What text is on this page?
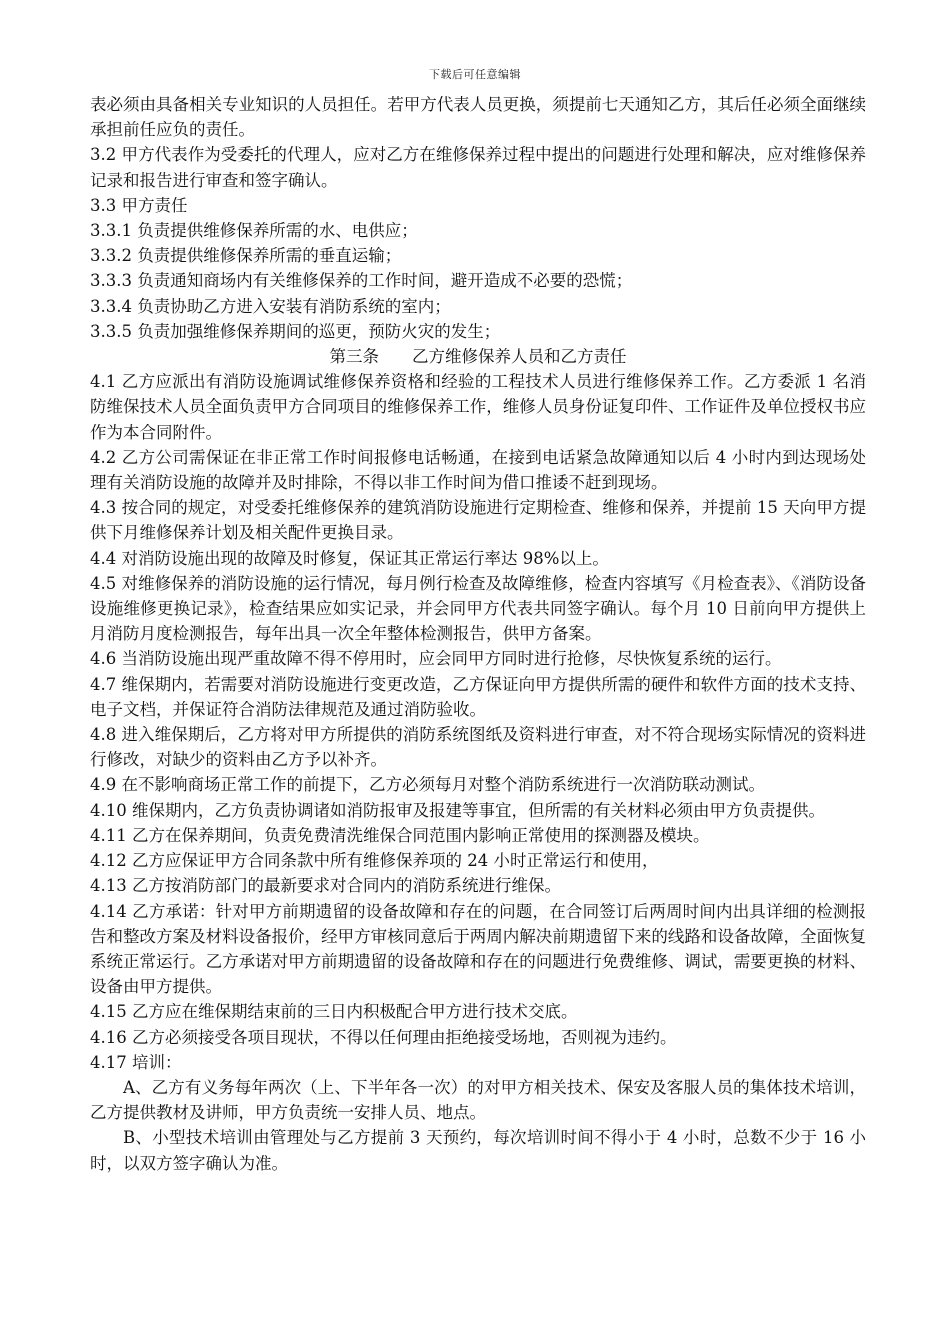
下载后可任意编辑

表必须由具备相关专业知识的人员担任。若甲方代表人员更换，须提前七天通知乙方，其后任必须全面继续承担前任应负的责任。

3.2 甲方代表作为受委托的代理人，应对乙方在维修保养过程中提出的问题进行处理和解决，应对维修保养记录和报告进行审查和签字确认。

3.3 甲方责任

3.3.1 负责提供维修保养所需的水、电供应；

3.3.2 负责提供维修保养所需的垂直运输；

3.3.3 负责通知商场内有关维修保养的工作时间，避开造成不必要的恐慌；

3.3.4 负责协助乙方进入安装有消防系统的室内；

3.3.5 负责加强维修保养期间的巡更，预防火灾的发生；

第三条　　乙方维修保养人员和乙方责任

4.1 乙方应派出有消防设施调试维修保养资格和经验的工程技术人员进行维修保养工作。乙方委派 1 名消防维保技术人员全面负责甲方合同项目的维修保养工作，维修人员身份证复印件、工作证件及单位授权书应作为本合同附件。

4.2 乙方公司需保证在非正常工作时间报修电话畅通，在接到电话紧急故障通知以后 4 小时内到达现场处理有关消防设施的故障并及时排除，不得以非工作时间为借口推诿不赶到现场。

4.3 按合同的规定，对受委托维修保养的建筑消防设施进行定期检查、维修和保养，并提前 15 天向甲方提供下月维修保养计划及相关配件更换目录。

4.4 对消防设施出现的故障及时修复，保证其正常运行率达 98%以上。

4.5 对维修保养的消防设施的运行情况，每月例行检查及故障维修，检查内容填写《月检查表》、《消防设备设施维修更换记录》，检查结果应如实记录，并会同甲方代表共同签字确认。每个月 10 日前向甲方提供上月消防月度检测报告，每年出具一次全年整体检测报告，供甲方备案。

4.6 当消防设施出现严重故障不得不停用时，应会同甲方同时进行抢修，尽快恢复系统的运行。

4.7 维保期内，若需要对消防设施进行变更改造，乙方保证向甲方提供所需的硬件和软件方面的技术支持、电子文档，并保证符合消防法律规范及通过消防验收。

4.8 进入维保期后，乙方将对甲方所提供的消防系统图纸及资料进行审查，对不符合现场实际情况的资料进行修改，对缺少的资料由乙方予以补齐。

4.9 在不影响商场正常工作的前提下，乙方必须每月对整个消防系统进行一次消防联动测试。

4.10 维保期内，乙方负责协调诸如消防报审及报建等事宜，但所需的有关材料必须由甲方负责提供。

4.11 乙方在保养期间，负责免费清洗维保合同范围内影响正常使用的探测器及模块。

4.12 乙方应保证甲方合同条款中所有维修保养项的 24 小时正常运行和使用，

4.13 乙方按消防部门的最新要求对合同内的消防系统进行维保。

4.14 乙方承诺：针对甲方前期遗留的设备故障和存在的问题，在合同签订后两周时间内出具详细的检测报告和整改方案及材料设备报价，经甲方审核同意后于两周内解决前期遗留下来的线路和设备故障，全面恢复系统正常运行。乙方承诺对甲方前期遗留的设备故障和存在的问题进行免费维修、调试，需要更换的材料、设备由甲方提供。

4.15 乙方应在维保期结束前的三日内积极配合甲方进行技术交底。

4.16 乙方必须接受各项目现状，不得以任何理由拒绝接受场地，否则视为违约。

4.17 培训：

A、乙方有义务每年两次（上、下半年各一次）的对甲方相关技术、保安及客服人员的集体技术培训，乙方提供教材及讲师，甲方负责统一安排人员、地点。

B、小型技术培训由管理处与乙方提前 3 天预约，每次培训时间不得小于 4 小时，总数不少于 16 小时，以双方签字确认为准。
